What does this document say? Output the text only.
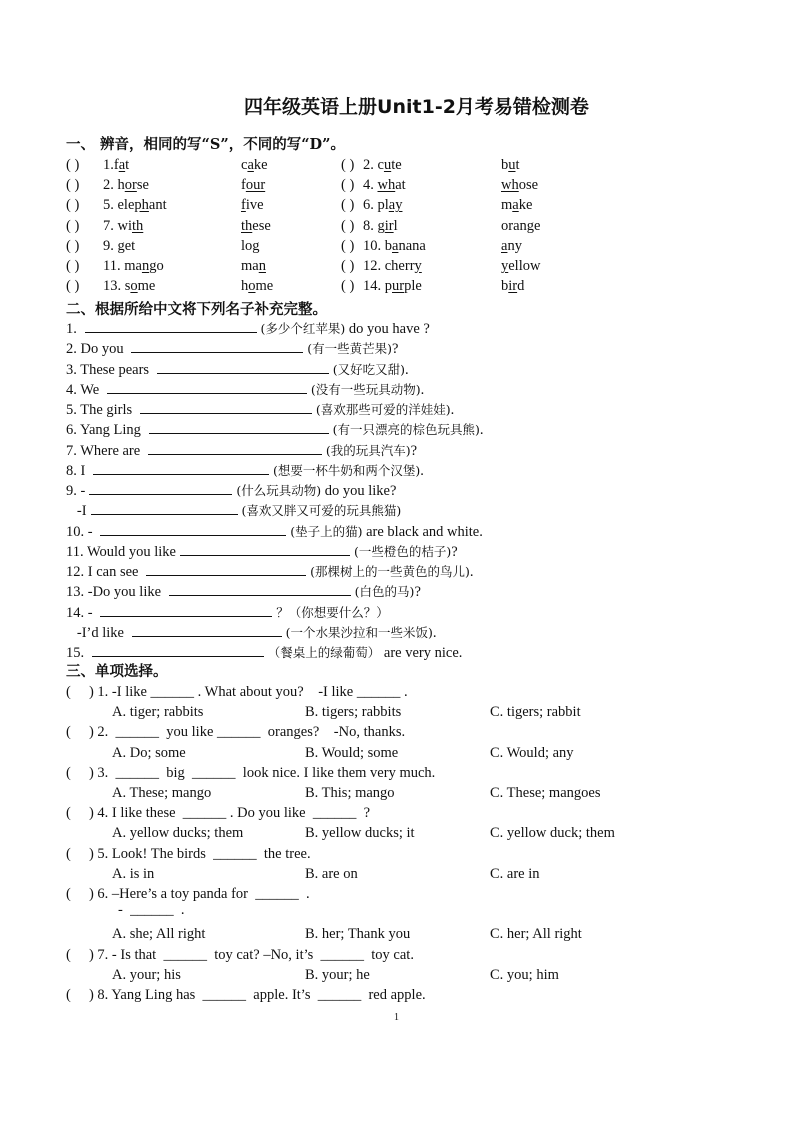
四年级英语上册Unit1-2月考易错检测卷
一、 辨音，相同的写“S”，不同的写“D”。
( ) 1.fat	cake	( ) 2. cute	but
( ) 2. horse	four	( ) 4. what	whose
( ) 5. elephant	five	( ) 6. play	make
( ) 7. with	these	( ) 8. girl	orange
( ) 9. get	log	( ) 10. banana	any
( ) 11. mango	man	( ) 12. cherry	yellow
( ) 13. some	home	( ) 14. purple	bird
二、根据所给中文将下列名子补充完整。
1.	(多少个红苹果) do you have ?
2. Do you	(有一些黄芒果)?
3. These pears	(又好吃又甜).
4. We	(没有一些玩具动物).
5. The girls	(喜欢那些可爱的洋娃娃).
6. Yang Ling	(有一只漂亮的棕色玩具熊).
7. Where are	(我的玩具汽车)?
8. I	(想要一杯牛奶和两个汉堡).
9. -	(什么玩具动物) do you like?
-I	(喜欢又胖又可爱的玩具熊猫)
10. -	(垫子上的猫) are black and white.
11. Would you like	(一些橙色的桔子)?
12. I can see	(那棵树上的一些黄色的鸟儿).
13. -Do you like	(白色的马)?
14. -	？（你想要什么？）
-I’d like	(一个水果沙拉和一些米饭).
15.	（餐桌上的绿葡萄） are very nice.
三、单项选择。
(     ) 1. -I like ______ . What about you?    -I like ______ .
A. tiger; rabbits	B. tigers; rabbits	C. tigers; rabbit
(     ) 2.  ______  you like ______  oranges?    -No, thanks.
A. Do; some	B. Would; some	C. Would; any
(     ) 3.  ______  big  ______  look nice. I like them very much.
A. These; mango	B. This; mango	C. These; mangoes
(     ) 4. I like these  ______ . Do you like  ______  ?
A. yellow ducks; them	B. yellow ducks; it	C. yellow duck; them
(     ) 5. Look! The birds  ______  the tree.
A. is in	B. are on	C. are in
(     ) 6. –Here’s a toy panda for  ______  .
-  ______  .
A. she; All right	B. her; Thank you	C. her; All right
(     ) 7. - Is that  ______  toy cat? –No, it’s  ______  toy cat.
A. your; his	B. your; he	C. you; him
(     ) 8. Yang Ling has  ______  apple. It’s  ______  red apple.
1
